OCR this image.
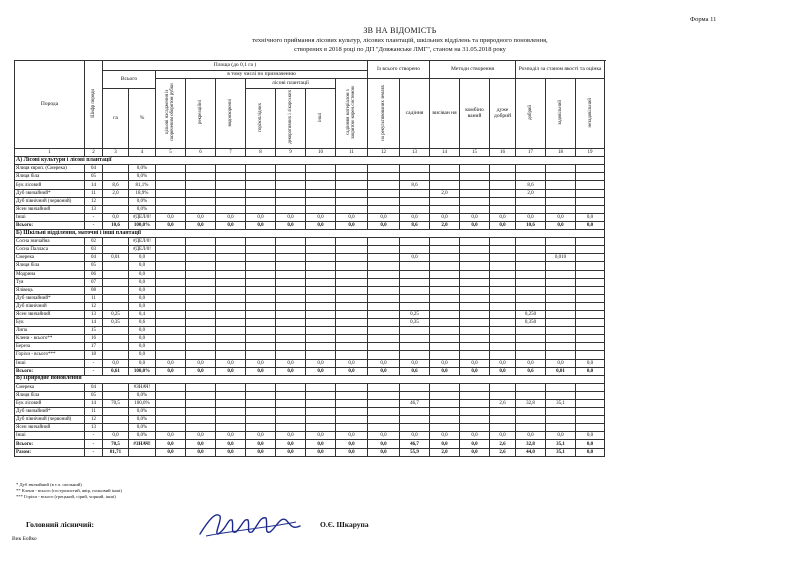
Форма 11
ЗВ НА ВІДОМІСТЬ
технічного приймання лісових культур, лісових плантацій, шкільних відділень та природного поновлення,
створених в 2018 році по ДП "Довжанське ЛМГ", станом на 31.05.2018 року
Порода	Шифр породи	Площа (до 0,1 га )									Із всього створено		Методи створення			Розподіл за станом якості та оцінка		
		Всього		в тому числі по призначенню														
				цільові насадження із скороченим оборотом рубки	рекреаційні	водоохоронні	лісові плантації			садінням матеріалом з закритою корен.системою	на рекультивованих землях	садіння	висіван ня	комбіно ваний	дуже добрий	добрий	задовільний	незадовільний
		га	%				горіхоплідних	декоративних і лікарських	інші									
1	2	3	4	5	6	7	8	9	10	11	12	13	14	15	16	17	18	19
А) Лісові культури і лісові плантації																		
Ялиця європ. (Смерека)	04		0,0%															
Ялиця біла	05		0,0%															
Бук лісовий	14	8,6	81,1%									8,6				8,6		
Дуб звичайний*	11	2,0	18,9%										2,0			2,0		
Дуб північний (червоний)	12		0,0%															
Ясен звичайний	13		0,0%															
Інші	-	0,0	#ДЕЛ/0!	0,0	0,0	0,0	0,0	0,0	0,0	0,0	0,0	0,0	0,0	0,0	0,0	0,0	0,0	0,0
Всього:	-	10,6	100,0%	0,0	0,0	0,0	0,0	0,0	0,0	0,0	0,0	8,6	2,0	0,0	0,0	10,6	0,0	0,0
Б) Шкільні відділення, маточні і інші плантації																		
Сосна звичайна	02		#ДЕЛ/0!															
Сосна Палласа	03		#ДЕЛ/0!															
Смерека	04	0,01	0,0									0,0					0,010	
Ялиця біла	05		0,0															
Модрина	06		0,0															
Туя	07		0,0															
Ялівець	08		0,0															
Дуб звичайний*	11		0,0															
Дуб північний	12		0,0															
Ясен звичайний	13	0,25	0,4									0,25				0,250		
Бук	14	0,35	0,6									0,35				0,350		
Липа	15		0,0															
Клени - всього**	16		0,0															
Береза	17		0,0															
Горіхи - всього***	18		0,0															
Інші	-	0,0	0,0	0,0	0,0	0,0	0,0	0,0	0,0	0,0	0,0	0,0	0,0	0,0	0,0	0,0	0,0	0,0
Всього:	-	0,61	100,0%	0,0	0,0	0,0	0,0	0,0	0,0	0,0	0,0	0,6	0,0	0,0	0,0	0,6	0,01	0,0
В) Природне поновлення																		
Смерека	04		#ЗНАЧ!															
Ялиця біла	05		0,0%															
Бук лісовий	14	70,5	100,0%									46,7			2,6	32,8	35,1	
Дуб звичайний*	11		0,0%															
Дуб північний (червоний)	12		0,0%															
Ясен звичайний	13		0,0%															
Інші	-	0,0	0,0%	0,0	0,0	0,0	0,0	0,0	0,0	0,0	0,0	0,0	0,0	0,0	0,0	0,0	0,0	0,0
Всього:	-	70,5	#ЗНАЧ!	0,0	0,0	0,0	0,0	0,0	0,0	0,0	0,0	46,7	0,0	0,0	2,6	32,8	35,1	0,0
Разом:	-	81,71		0,0	0,0	0,0	0,0	0,0	0,0	0,0	0,0	55,9	2,0	0,0	2,6	44,0	35,1	0,0
* Дуб звичайний (в т.ч. скельний)
** Клени - всього (гостролистий, явір, польовий інші)
*** Горіхи - всього (грецький, сірий, чорний, інші)
Головний лісничий:	О.Є. Шкарупа
Вик Бойко
